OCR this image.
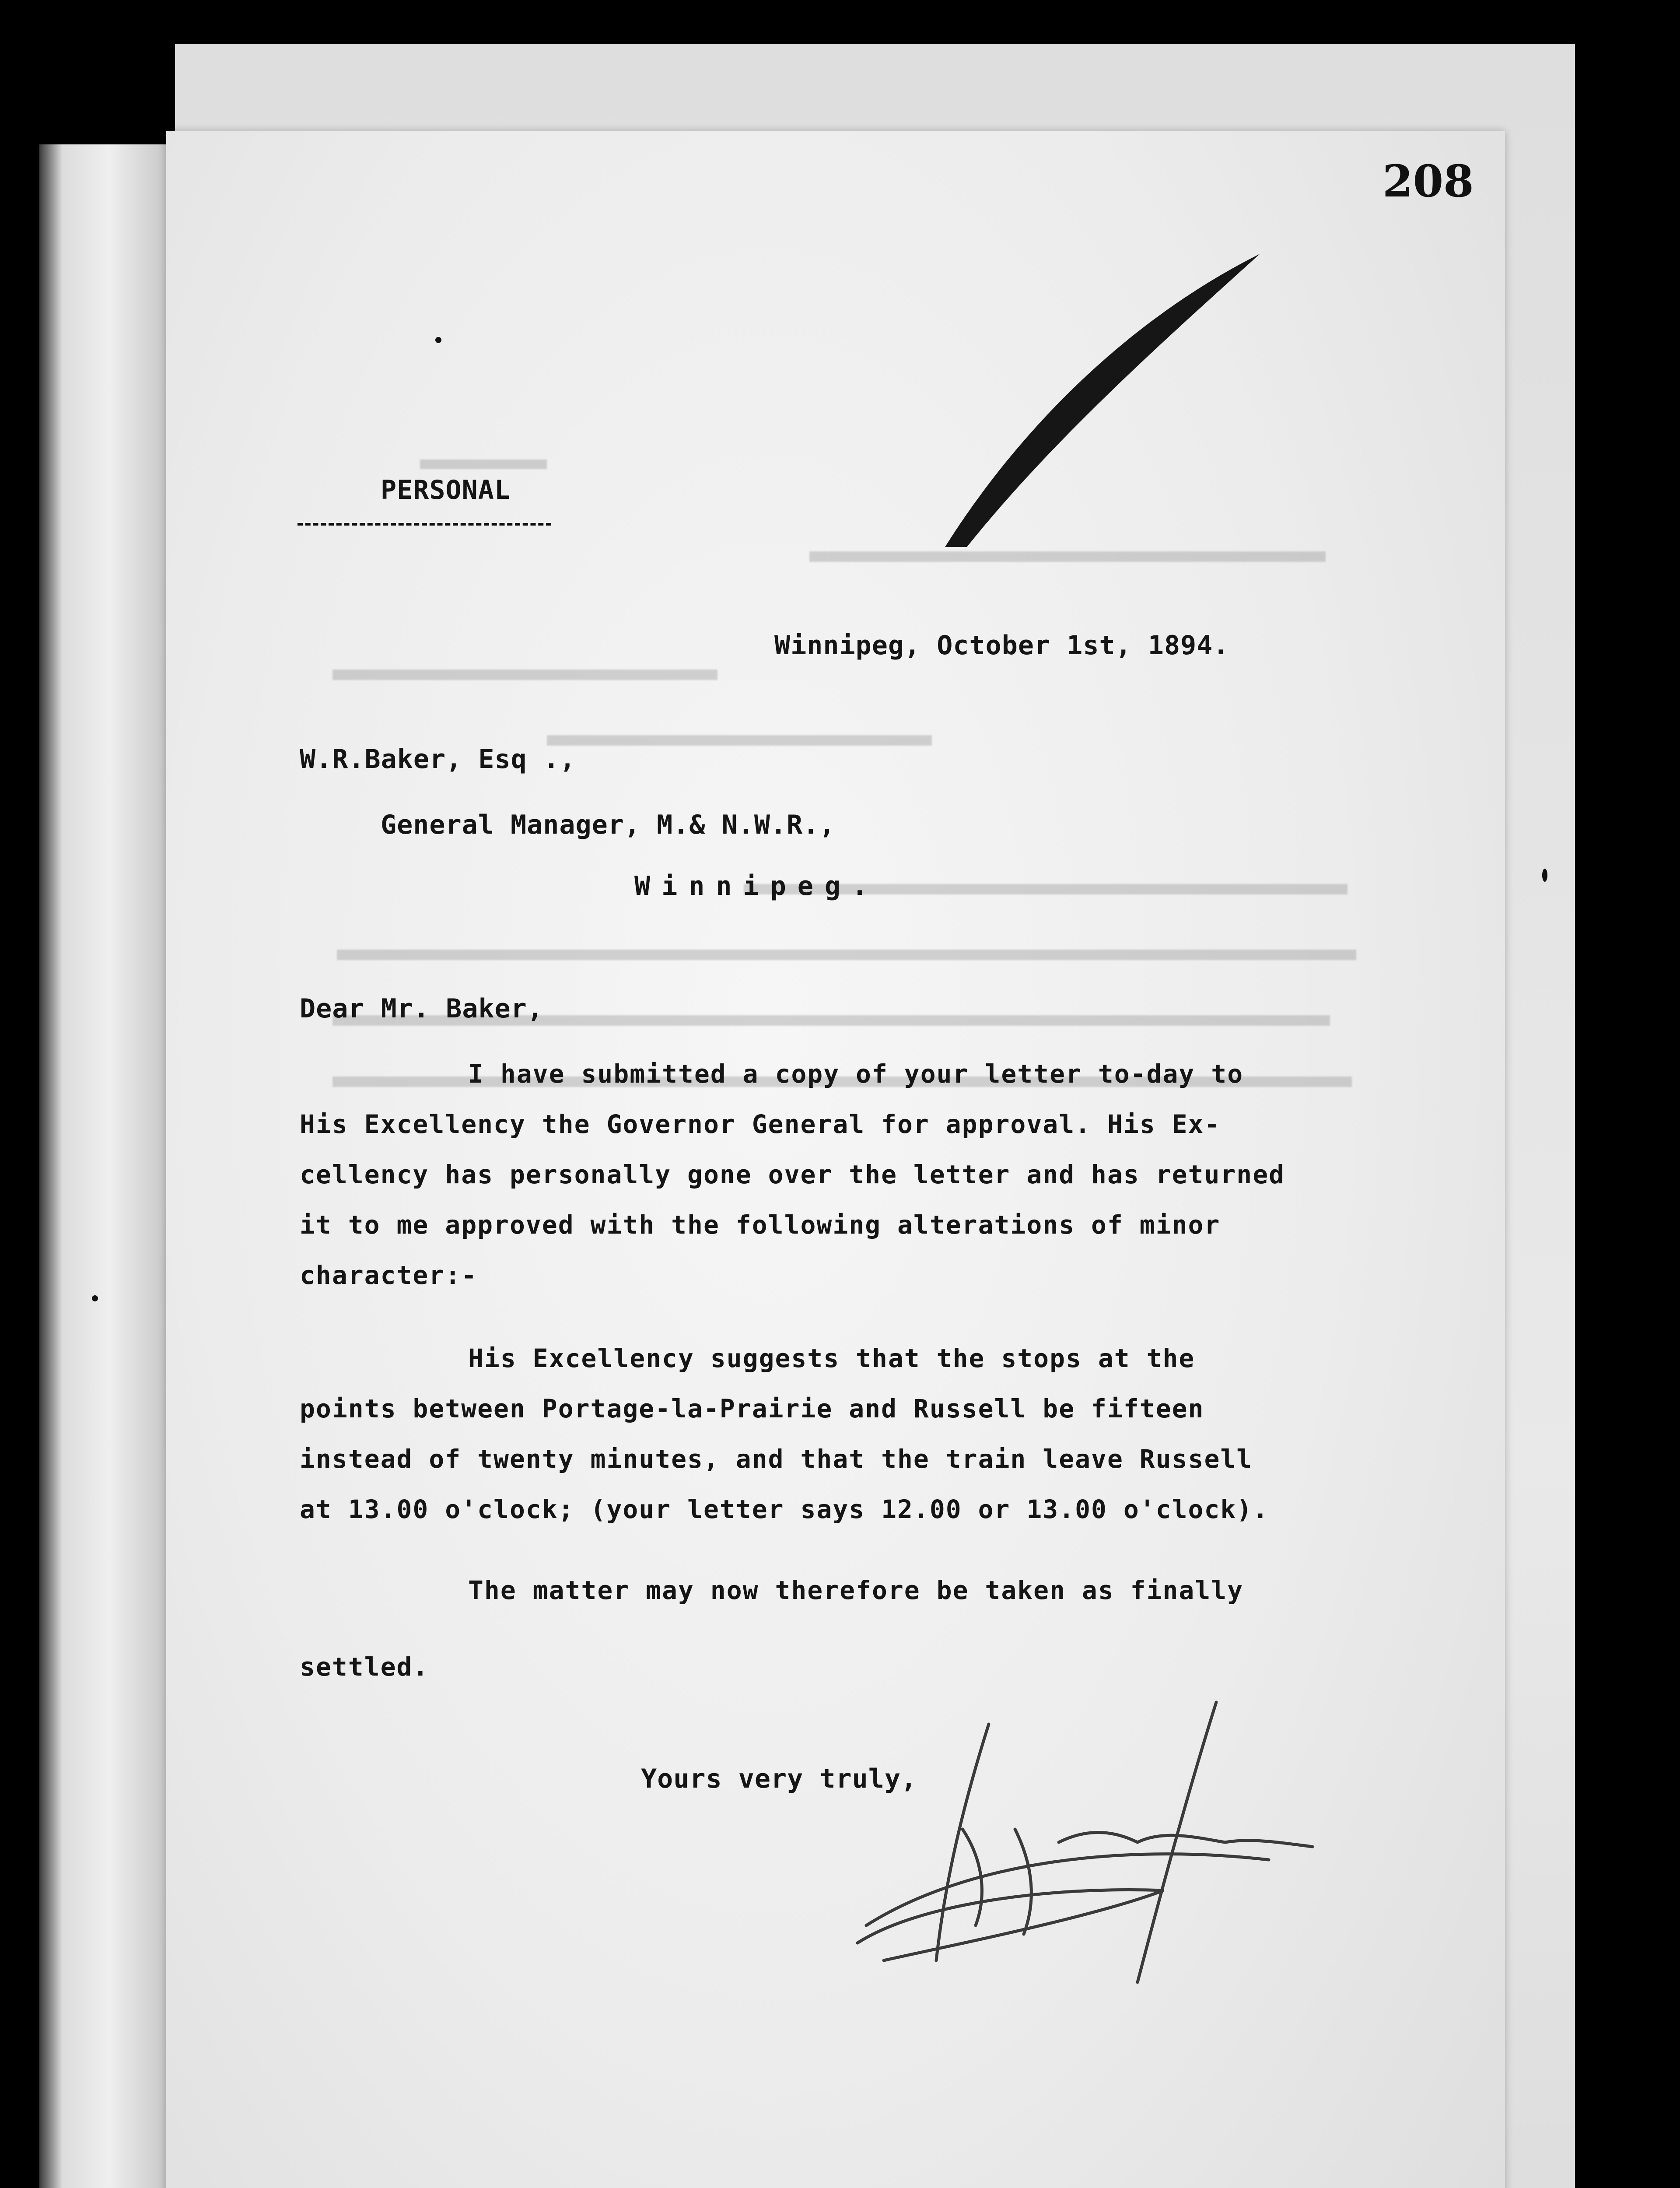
208
PERSONAL
Winnipeg, October 1st, 1894.
W.R.Baker, Esq .,
General Manager, M.& N.W.R.,
Winnipeg.
Dear Mr. Baker,
I have submitted a copy of your letter to-day to
His Excellency the Governor General for approval. His Ex-
cellency has personally gone over the letter and has returned
it to me approved with the following alterations of minor
character:-
His Excellency suggests that the stops at the
points between Portage-la-Prairie and Russell be fifteen
instead of twenty minutes, and that the train leave Russell
at 13.00 o'clock; (your letter says 12.00 or 13.00 o'clock).
The matter may now therefore be taken as finally
settled.
Yours very truly,
